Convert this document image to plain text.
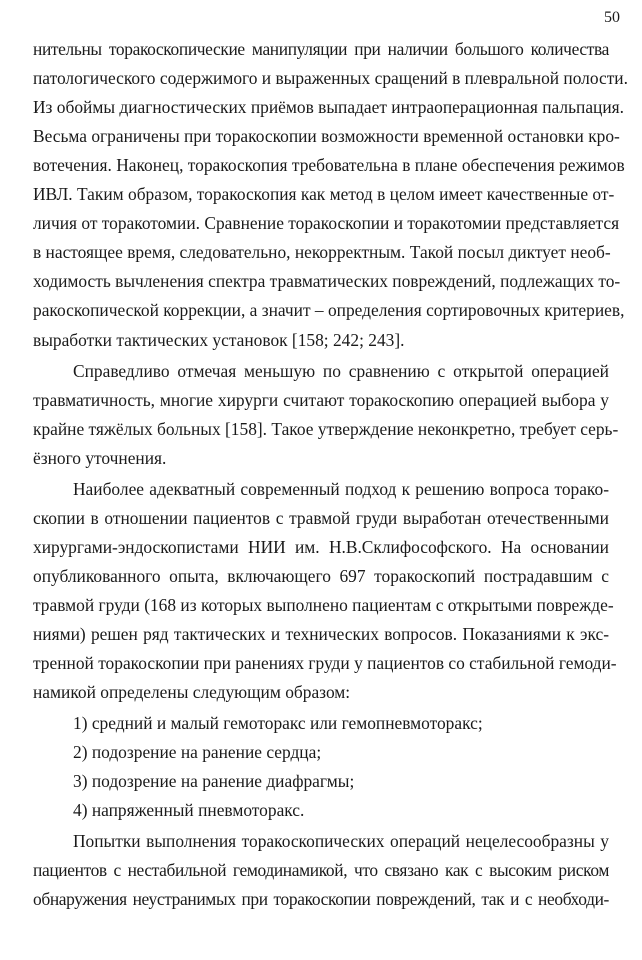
50
нительны торакоскопические манипуляции при наличии большого количества
патологического содержимого и выраженных сращений в плевральной полости.
Из обоймы диагностических приёмов выпадает интраоперационная пальпация.
Весьма ограничены при торакоскопии возможности временной остановки кро-
вотечения. Наконец, торакоскопия требовательна в плане обеспечения режимов
ИВЛ. Таким образом, торакоскопия как метод в целом имеет качественные от-
личия от торакотомии. Сравнение торакоскопии и торакотомии представляется
в настоящее время, следовательно, некорректным. Такой посыл диктует необ-
ходимость вычленения спектра травматических повреждений, подлежащих то-
ракоскопической коррекции, а значит – определения сортировочных критериев,
выработки тактических установок [158; 242; 243].
Справедливо отмечая меньшую по сравнению с открытой операцией
травматичность, многие хирурги считают торакоскопию операцией выбора у
крайне тяжёлых больных [158]. Такое утверждение неконкретно, требует серь-
ёзного уточнения.
Наиболее адекватный современный подход к решению вопроса торако-
скопии в отношении пациентов с травмой груди выработан отечественными
хирургами-эндоскопистами НИИ им. Н.В.Склифософского. На основании
опубликованного опыта, включающего 697 торакоскопий пострадавшим с
травмой груди (168 из которых выполнено пациентам с открытыми поврежде-
ниями) решен ряд тактических и технических вопросов. Показаниями к экс-
тренной торакоскопии при ранениях груди у пациентов со стабильной гемоди-
намикой определены следующим образом:
1) средний и малый гемоторакс или гемопневмоторакс;
2) подозрение на ранение сердца;
3) подозрение на ранение диафрагмы;
4) напряженный пневмоторакс.
Попытки выполнения торакоскопических операций нецелесообразны у
пациентов с нестабильной гемодинамикой, что связано как с высоким риском
обнаружения неустранимых при торакоскопии повреждений, так и с необходи-
